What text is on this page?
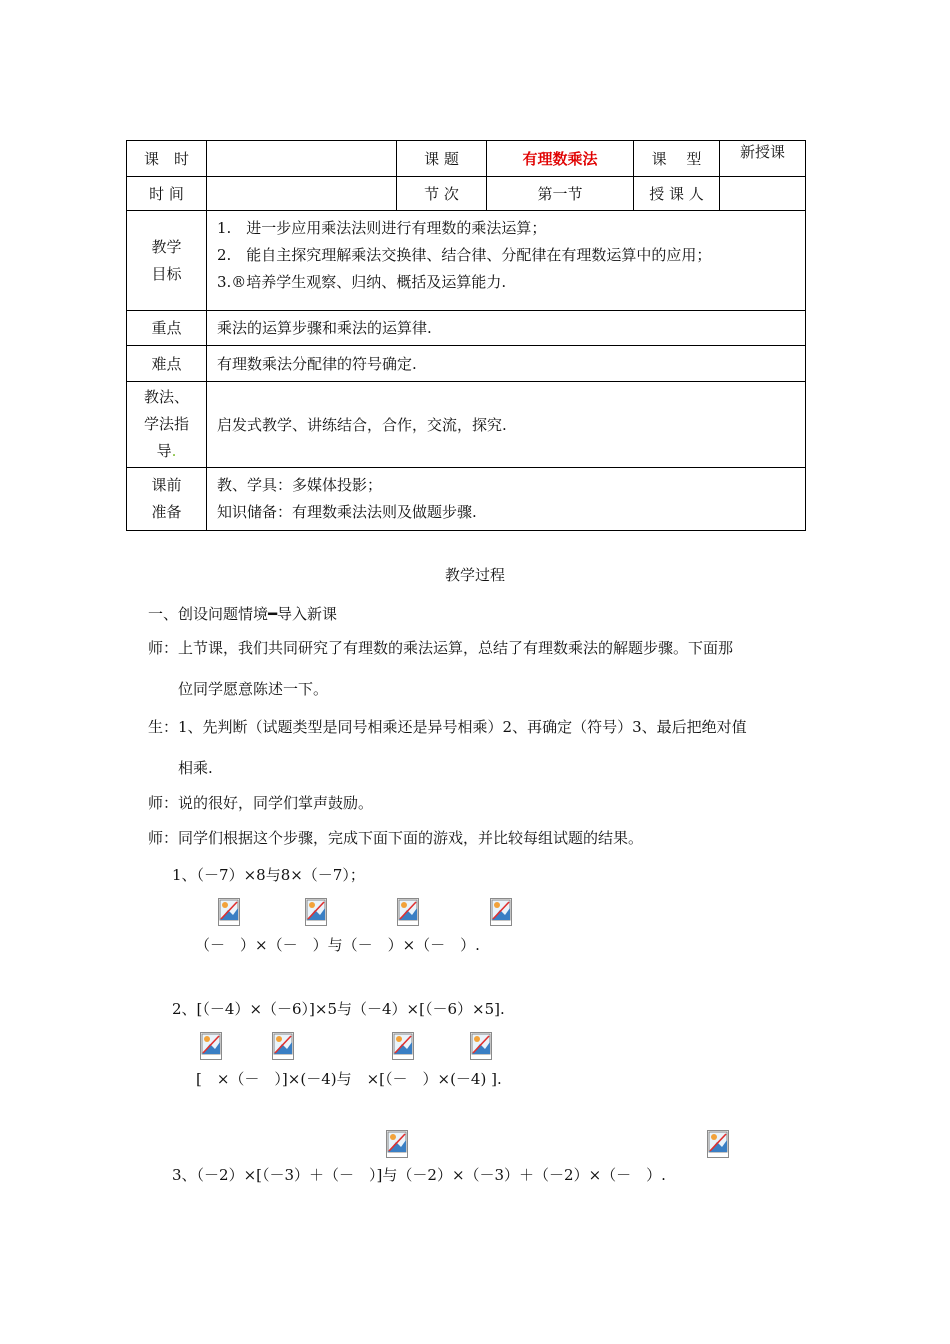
课　时		课 题	有理数乘法	课　 型	新授课
时 间		节 次	第一节	授 课 人	

教学
目标	1.　进一步应用乘法法则进行有理数的乘法运算；
2.　能自主探究理解乘法交换律、结合律、分配律在有理数运算中的应用；
3.®培养学生观察、归纳、概括及运算能力.				

重点	乘法的运算步骤和乘法的运算律.				
难点	有理数乘法分配律的符号确定.				

教法、
学法指
导.	启发式教学、讲练结合，合作，交流，探究.				

课前
准备	教、学具：多媒体投影；
知识储备：有理数乘法法则及做题步骤.				
教学过程
一、创设问题情境━导入新课
师：上节课，我们共同研究了有理数的乘法运算，总结了有理数乘法的解题步骤。下面那
位同学愿意陈述一下。
生：1、先判断（试题类型是同号相乘还是异号相乘）2、再确定（符号）3、最后把绝对值
相乘.
师：说的很好，同学们掌声鼓励。
师：同学们根据这个步骤，完成下面下面的游戏，并比较每组试题的结果。
1、（－7）×8与8×（－7）；
（－　）×（－　）与（－　）×（－　）.
2、[（－4）×（－6）]×5与（－4）×[（－6）×5].
[　×（－　）]×(－4)与　×[（－　）×(－4) ].
3、（－2）×[（－3）＋（－　）]与（－2）×（－3）＋（－2）×（－　）.
